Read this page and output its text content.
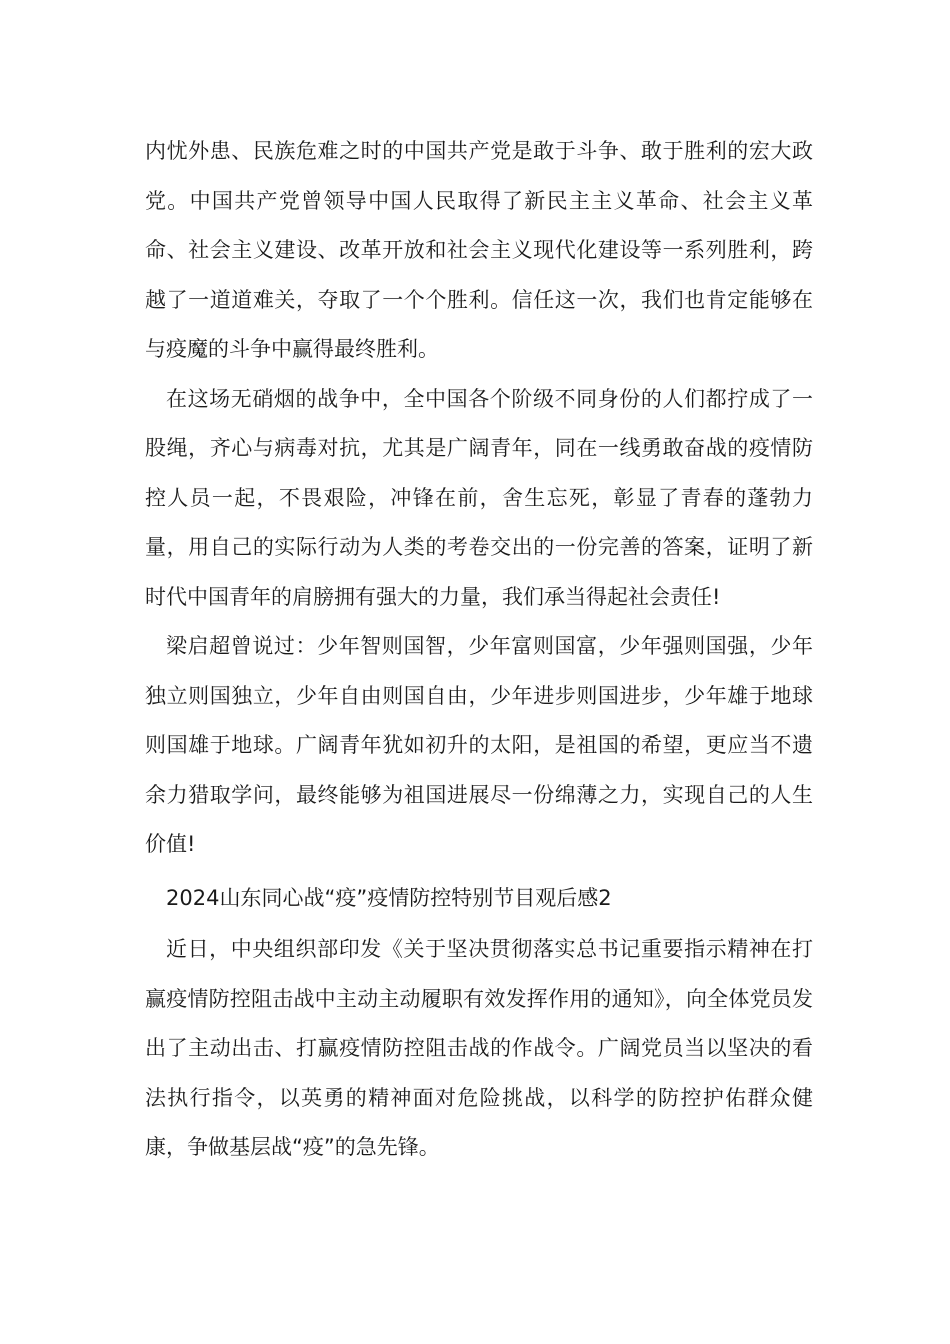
内忧外患、民族危难之时的中国共产党是敢于斗争、敢于胜利的宏大政党。中国共产党曾领导中国人民取得了新民主主义革命、社会主义革命、社会主义建设、改革开放和社会主义现代化建设等一系列胜利，跨越了一道道难关，夺取了一个个胜利。信任这一次，我们也肯定能够在与疫魔的斗争中赢得最终胜利。

在这场无硝烟的战争中，全中国各个阶级不同身份的人们都拧成了一股绳，齐心与病毒对抗，尤其是广阔青年，同在一线勇敢奋战的疫情防控人员一起，不畏艰险，冲锋在前，舍生忘死，彰显了青春的蓬勃力量，用自己的实际行动为人类的考卷交出的一份完善的答案，证明了新时代中国青年的肩膀拥有强大的力量，我们承当得起社会责任!

梁启超曾说过：少年智则国智，少年富则国富，少年强则国强，少年独立则国独立，少年自由则国自由，少年进步则国进步，少年雄于地球则国雄于地球。广阔青年犹如初升的太阳，是祖国的希望，更应当不遗余力猎取学问，最终能够为祖国进展尽一份绵薄之力，实现自己的人生价值!

2024山东同心战“疫”疫情防控特别节目观后感2

近日，中央组织部印发《关于坚决贯彻落实总书记重要指示精神在打赢疫情防控阻击战中主动主动履职有效发挥作用的通知》，向全体党员发出了主动出击、打赢疫情防控阻击战的作战令。广阔党员当以坚决的看法执行指令，以英勇的精神面对危险挑战，以科学的防控护佑群众健康，争做基层战“疫”的急先锋。
